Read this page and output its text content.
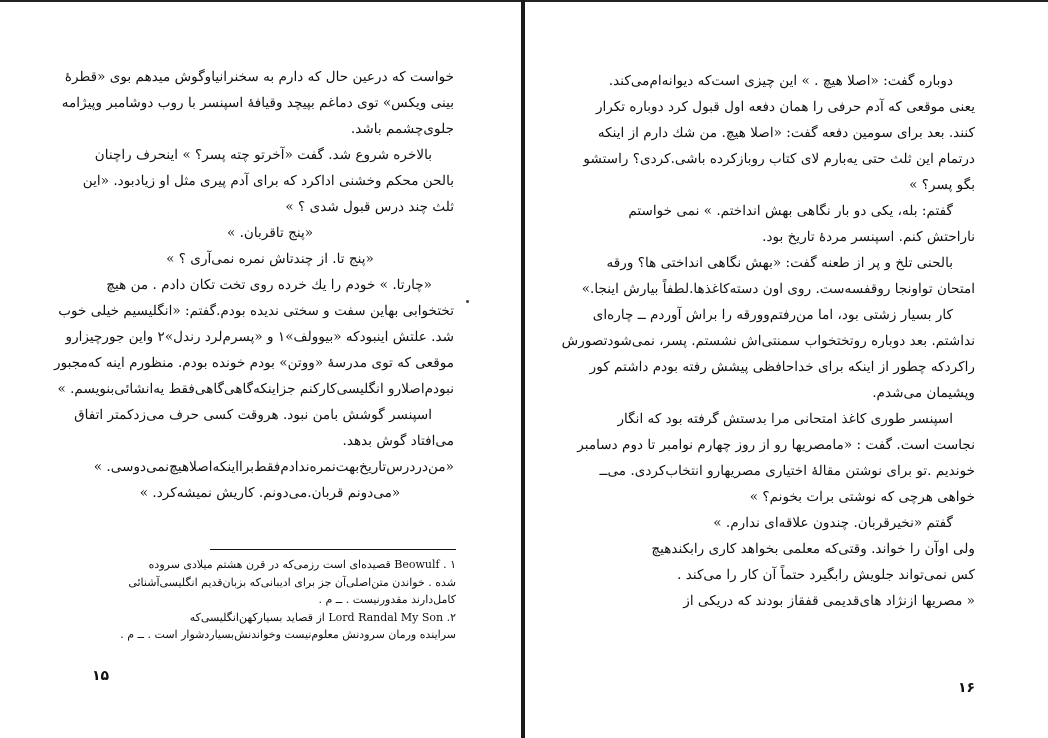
خواست که درعین حال که دارم به سخنرانیاوگوش میدهم بوی «قطرهٔ
بینی ویکس» توی دماغم بپیچد وقیافهٔ اسپنسر با روب دوشامبر وپیژامه
جلوی‌چشمم باشد.
بالاخره شروع شد. گفت «آخرتو چته پسر؟ » اینحرف راچنان
بالحن محکم وخشنی اداکرد که برای آدم پیری مثل او زیادبود. «این
ثلث چند درس قبول شدی ؟ »
«پنج تاقربان. »
«پنج تا. از چندتاش نمره نمی‌آری ؟ »
«چارتا. » خودم را یك خرده روی تخت تکان دادم . من هیچ
تختخوابی بهاین سفت و سختی ندیده بودم.گفتم: «انگلیسیم خیلی خوب
شد. علتش اینبودکه «بیوولف»۱ و «پسرم‌لرد رندل»۲ واین جورچیزارو
موقعی که توی مدرسهٔ «ووتن» بودم خونده بودم. منظورم اینه که‌مجبور
نبودم‌اصلارو انگلیسی‌کارکنم جزاینکه‌گاهی‌گاهی‌فقط یه‌انشائی‌بنویسم. »
اسپنسر گوشش بامن نبود. هروقت کسی حرف می‌زدکمتر اتفاق
می‌افتاد گوش بدهد.
«من‌دردرس‌تاریخ‌بهت‌نمره‌ندادم‌فقط‌برااینکه‌اصلاهیچ‌نمی‌دوسی. »
«می‌دونم قربان.می‌دونم. کاریش نمیشه‌کرد. »
۱ . Beowulf قصیده‌ای است رزمی‌که در قرن هشتم میلادی سروده
شده . خواندن متن‌اصلی‌آن جز برای ادیبانی‌که بزبان‌قدیم انگلیسی‌آشنائی
کامل‌دارند مقدورنیست . ــ م .
۲. Lord Randal My Son از قصاید بسیارکهن‌انگلیسی‌که
سراینده ورمان سرودنش معلوم‌نیست وخواندنش‌بسیاردشوار است . ــ م .
۱۵
دوباره گفت: «اصلا هیچ . » این چیزی است‌که دیوانه‌ام‌می‌کند.
یعنی موقعی که آدم حرفی را همان دفعه اول قبول کرد دوباره تکرار
کنند. بعد برای سومین دفعه گفت: «اصلا هیچ. من شك دارم از اینکه
درتمام این ثلث حتی یه‌بارم لای کتاب روبازکرده باشی.کردی؟ راستشو
بگو پسر؟ »
گفتم: بله، یکی دو بار نگاهی بهش انداختم. » نمی خواستم
ناراحتش کنم. اسپنسر مردهٔ تاریخ بود.
بالحنی تلخ و پر از طعنه گفت: «بهش نگاهی انداختی ها؟ ورقه
امتحان تواونجا روقفسه‌ست. روی اون دسته‌کاغذها.لطفاً بیارش اینجا.»
کار بسیار زشتی بود، اما من‌رفتم‌وورقه را براش آوردم ــ چاره‌ای
نداشتم. بعد دوباره روتختخواب سمنتی‌اش نشستم. پسر، نمی‌شودتصورش
راکردکه چطور از اینکه برای خداحافظی پیشش رفته بودم داشتم کور
وپشیمان می‌شدم.
اسپنسر طوری کاغذ امتحانی مرا بدستش گرفته بود که انگار
نجاست است. گفت : «مامصریها رو از روز چهارم نوامبر تا دوم دسامبر
خوندیم .تو برای نوشتن مقالهٔ اختیاری مصریهارو انتخاب‌کردی. می‌ــ
خواهی هرچی که نوشتی برات بخونم؟ »
گفتم «نخیرقربان. چندون علاقه‌ای ندارم. »
ولی اوآن را خواند. وقتی‌که معلمی بخواهد کاری رابکندهیچ
کس نمی‌تواند جلویش رابگیرد حتماً آن کار را می‌کند .
« مصریها ازنژاد های‌قدیمی قفقاز بودند که دریکی از
۱۶
